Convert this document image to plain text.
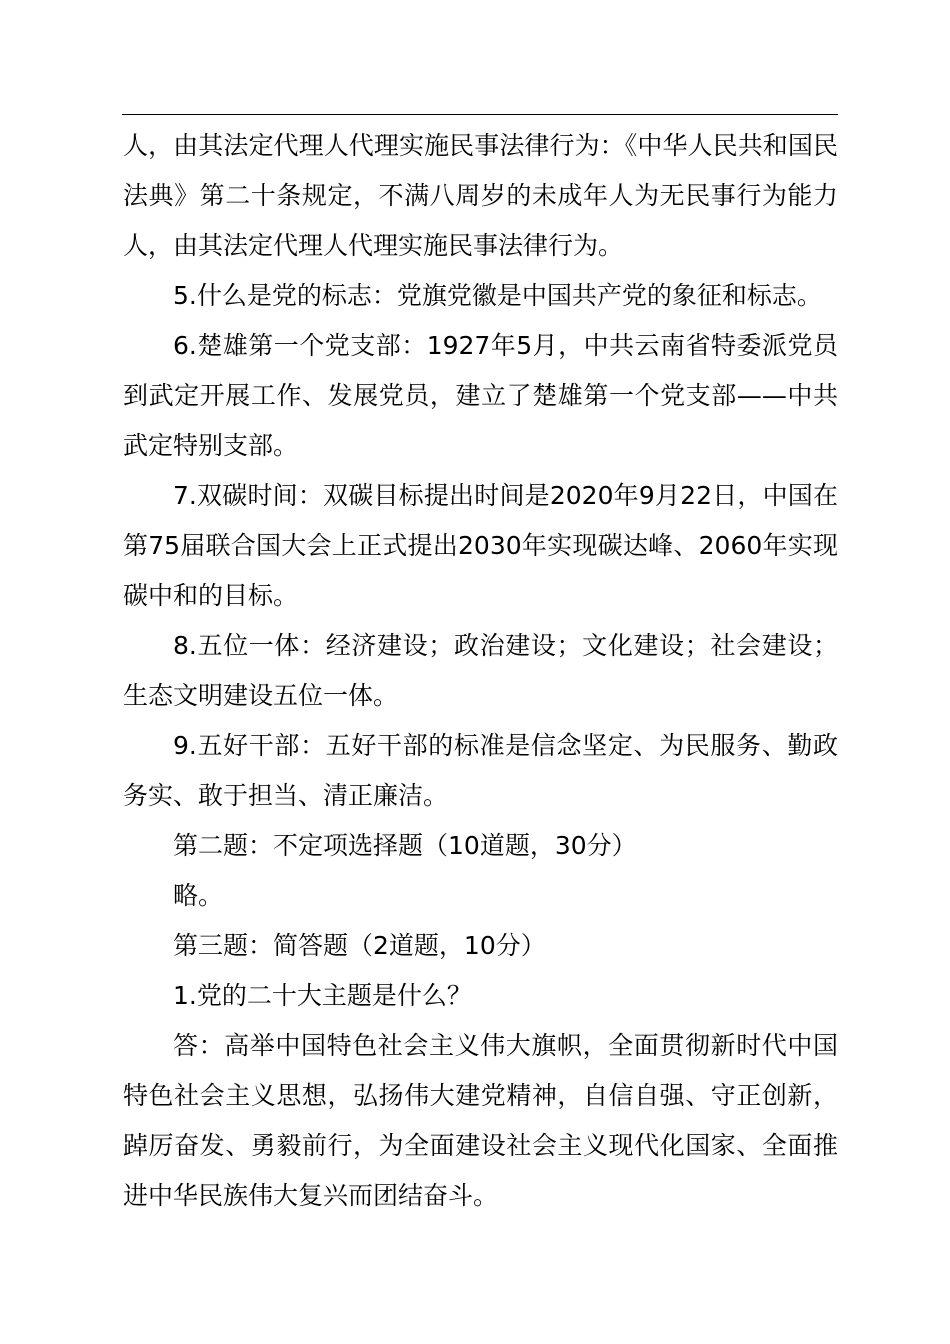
人，由其法定代理人代理实施民事法律行为：《中华人民共和国民法典》第二十条规定，不满八周岁的未成年人为无民事行为能力人，由其法定代理人代理实施民事法律行为。

5.什么是党的标志：党旗党徽是中国共产党的象征和标志。

6.楚雄第一个党支部：1927年5月，中共云南省特委派党员到武定开展工作、发展党员，建立了楚雄第一个党支部——中共武定特别支部。

7.双碳时间：双碳目标提出时间是2020年9月22日，中国在第75届联合国大会上正式提出2030年实现碳达峰、2060年实现碳中和的目标。

8.五位一体：经济建设；政治建设；文化建设；社会建设；生态文明建设五位一体。

9.五好干部：五好干部的标准是信念坚定、为民服务、勤政务实、敢于担当、清正廉洁。

第二题：不定项选择题（10道题，30分）

略。

第三题：简答题（2道题，10分）

1.党的二十大主题是什么？

答：高举中国特色社会主义伟大旗帜，全面贯彻新时代中国特色社会主义思想，弘扬伟大建党精神，自信自强、守正创新，踔厉奋发、勇毅前行，为全面建设社会主义现代化国家、全面推进中华民族伟大复兴而团结奋斗。
